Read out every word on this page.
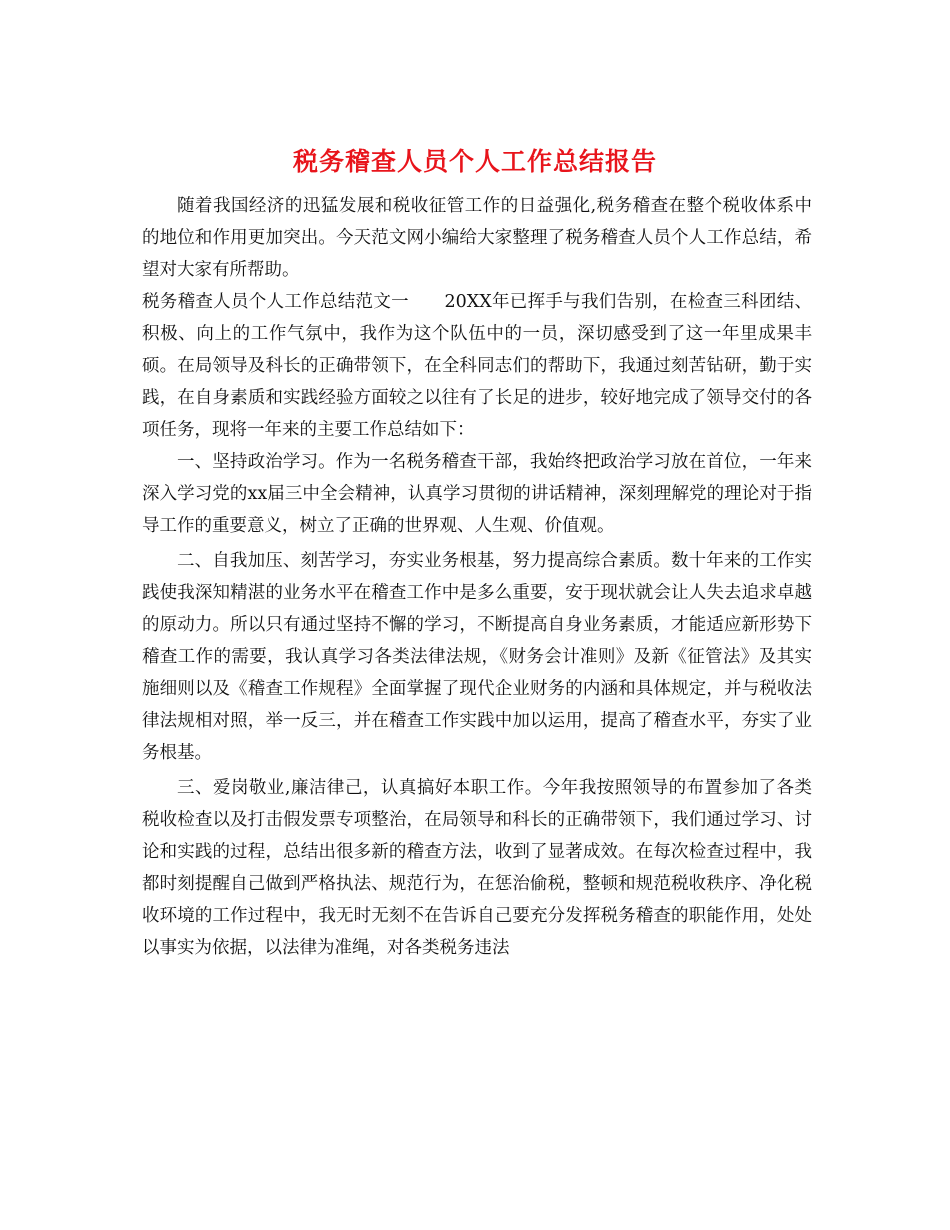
税务稽查人员个人工作总结报告

随着我国经济的迅猛发展和税收征管工作的日益强化,税务稽查在整个税收体系中的地位和作用更加突出。今天范文网小编给大家整理了税务稽查人员个人工作总结，希望对大家有所帮助。

税务稽查人员个人工作总结范文一　　20XX年已挥手与我们告别，在检查三科团结、积极、向上的工作气氛中，我作为这个队伍中的一员，深切感受到了这一年里成果丰硕。在局领导及科长的正确带领下，在全科同志们的帮助下，我通过刻苦钻研，勤于实践，在自身素质和实践经验方面较之以往有了长足的进步，较好地完成了领导交付的各项任务，现将一年来的主要工作总结如下：

一、坚持政治学习。作为一名税务稽查干部，我始终把政治学习放在首位，一年来深入学习党的xx届三中全会精神，认真学习贯彻的讲话精神，深刻理解党的理论对于指导工作的重要意义，树立了正确的世界观、人生观、价值观。

二、自我加压、刻苦学习，夯实业务根基，努力提高综合素质。数十年来的工作实践使我深知精湛的业务水平在稽查工作中是多么重要，安于现状就会让人失去追求卓越的原动力。所以只有通过坚持不懈的学习，不断提高自身业务素质，才能适应新形势下稽查工作的需要，我认真学习各类法律法规，《财务会计准则》及新《征管法》及其实施细则以及《稽查工作规程》全面掌握了现代企业财务的内涵和具体规定，并与税收法律法规相对照，举一反三，并在稽查工作实践中加以运用，提高了稽查水平，夯实了业务根基。

三、爱岗敬业,廉洁律己，认真搞好本职工作。今年我按照领导的布置参加了各类税收检查以及打击假发票专项整治，在局领导和科长的正确带领下，我们通过学习、讨论和实践的过程，总结出很多新的稽查方法，收到了显著成效。在每次检查过程中，我都时刻提醒自己做到严格执法、规范行为，在惩治偷税，整顿和规范税收秩序、净化税收环境的工作过程中，我无时无刻不在告诉自己要充分发挥税务稽查的职能作用，处处以事实为依据，以法律为准绳，对各类税务违法
